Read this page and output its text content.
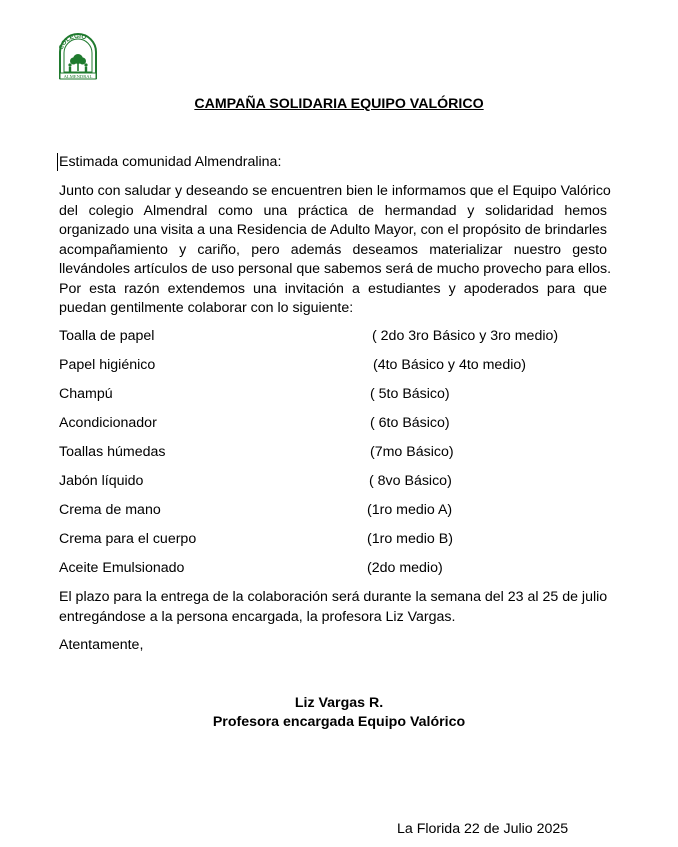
COLEGIO
ALMENDRAL
CAMPAÑA SOLIDARIA EQUIPO VALÓRICO
Estimada comunidad Almendralina:
Junto con saludar y deseando se encuentren bien le informamos que el Equipo Valórico
del colegio Almendral como una práctica de hermandad y solidaridad hemos
organizado una visita a una Residencia de Adulto Mayor, con el propósito de brindarles
acompañamiento y cariño, pero además deseamos materializar nuestro gesto
llevándoles artículos de uso personal que sabemos será de mucho provecho para ellos.
Por esta razón extendemos una invitación a estudiantes y apoderados para que
puedan gentilmente colaborar con lo siguiente:
Toalla de papel	( 2do 3ro Básico y 3ro medio)
Papel higiénico	(4to Básico y 4to medio)
Champú	( 5to Básico)
Acondicionador	( 6to Básico)
Toallas húmedas	(7mo Básico)
Jabón líquido	( 8vo Básico)
Crema de mano	(1ro medio A)
Crema para el cuerpo	(1ro medio B)
Aceite Emulsionado	(2do medio)
El plazo para la entrega de la colaboración será durante la semana del 23 al 25 de julio
entregándose a la persona encargada, la profesora Liz Vargas.
Atentamente,
Liz Vargas R.
Profesora encargada Equipo Valórico
La Florida 22 de Julio 2025
